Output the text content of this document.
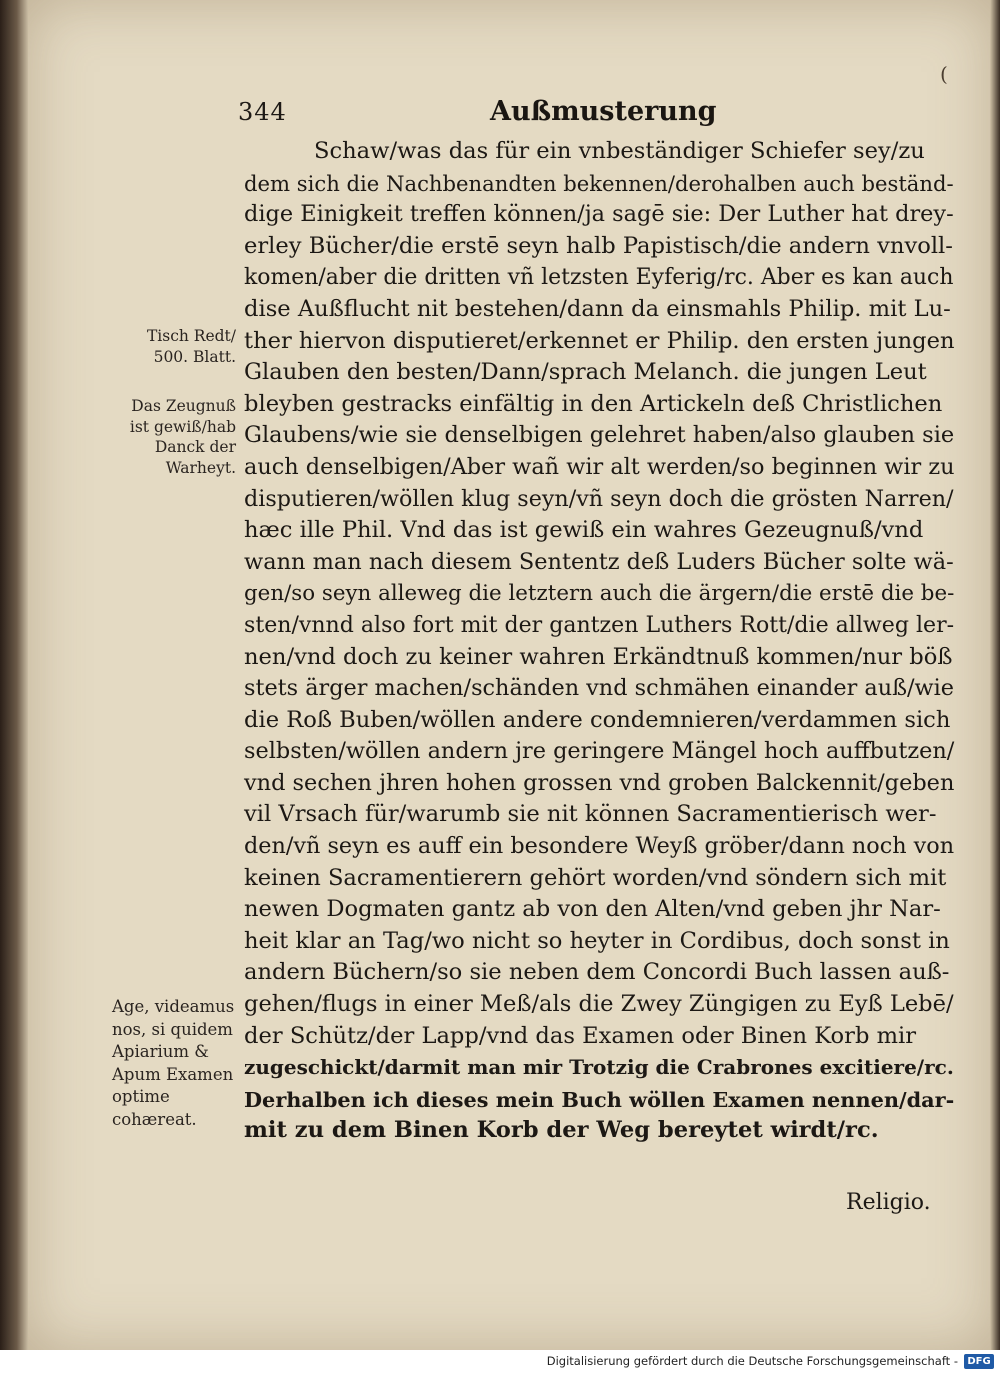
(
344	Außmusterung
Tisch Redt/ 500. Blatt.
Das Zeugnuß ist gewiß/hab Danck der Warheyt.
Age, videamus nos, si quidem Apiarium & Apum Examen optime cohæreat.
Schaw/was das für ein vnbeständiger Schiefer sey/zu
dem sich die Nachbenandten bekennen/derohalben auch beständ-
dige Einigkeit treffen können/ja sagē sie: Der Luther hat drey-
erley Bücher/die erstē seyn halb Papistisch/die andern vnvoll-
komen/aber die dritten vñ letzsten Eyferig/rc. Aber es kan auch
dise Außflucht nit bestehen/dann da einsmahls Philip. mit Lu-
ther hiervon disputieret/erkennet er Philip. den ersten jungen
Glauben den besten/Dann/sprach Melanch. die jungen Leut
bleyben gestracks einfältig in den Artickeln deß Christlichen
Glaubens/wie sie denselbigen gelehret haben/also glauben sie
auch denselbigen/Aber wañ wir alt werden/so beginnen wir zu
disputieren/wöllen klug seyn/vñ seyn doch die grösten Narren/
hæc ille Phil. Vnd das ist gewiß ein wahres Gezeugnuß/vnd
wann man nach diesem Sententz deß Luders Bücher solte wä-
gen/so seyn alleweg die letztern auch die ärgern/die erstē die be-
sten/vnnd also fort mit der gantzen Luthers Rott/die allweg ler-
nen/vnd doch zu keiner wahren Erkändtnuß kommen/nur böß
stets ärger machen/schänden vnd schmähen einander auß/wie
die Roß Buben/wöllen andere condemnieren/verdammen sich
selbsten/wöllen andern jre geringere Mängel hoch auffbutzen/
vnd sechen jhren hohen grossen vnd groben Balckennit/geben
vil Vrsach für/warumb sie nit können Sacramentierisch wer-
den/vñ seyn es auff ein besondere Weyß gröber/dann noch von
keinen Sacramentierern gehört worden/vnd söndern sich mit
newen Dogmaten gantz ab von den Alten/vnd geben jhr Nar-
heit klar an Tag/wo nicht so heyter in Cordibus, doch sonst in
andern Büchern/so sie neben dem Concordi Buch lassen auß-
gehen/flugs in einer Meß/als die Zwey Züngigen zu Eyß Lebē/
der Schütz/der Lapp/vnd das Examen oder Binen Korb mir
zugeschickt/darmit man mir Trotzig die Crabrones excitiere/rc.
Derhalben ich dieses mein Buch wöllen Examen nennen/dar-
mit zu dem Binen Korb der Weg bereytet wirdt/rc.
Religio.
Digitalisierung gefördert durch die Deutsche Forschungsgemeinschaft - DFG
